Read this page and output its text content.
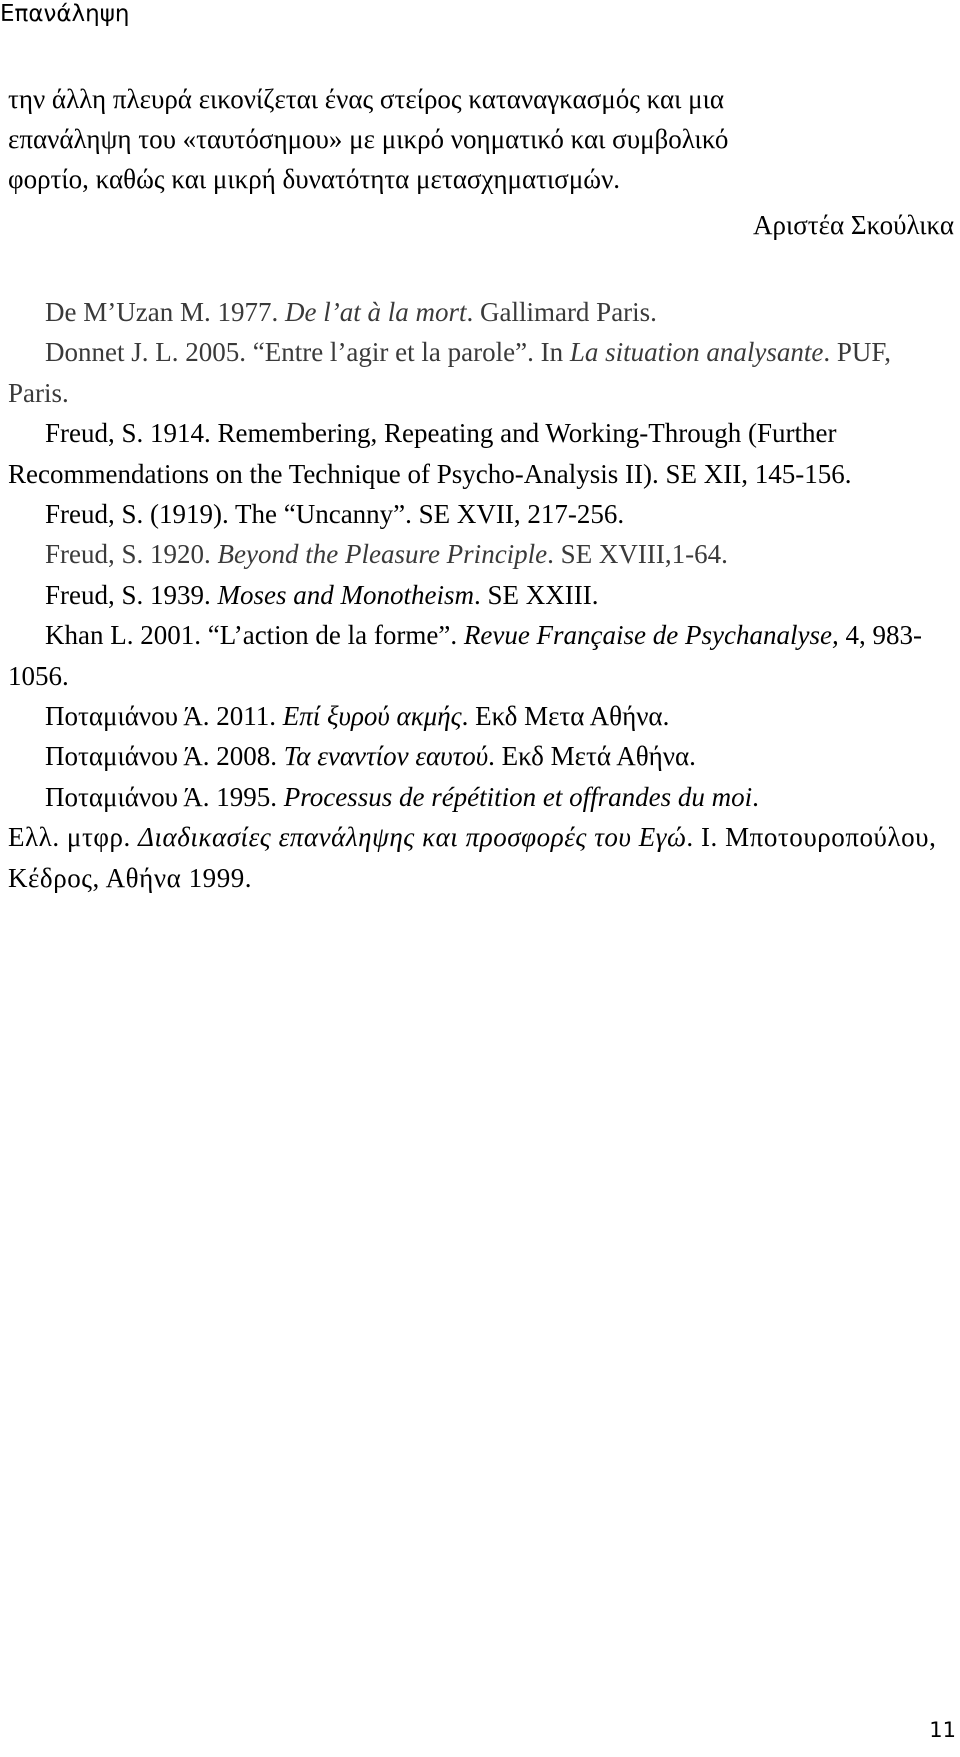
Επανάληψη

την άλλη πλευρά εικονίζεται ένας στείρος καταναγκασμός και μια
επανάληψη του «ταυτόσημου» με μικρό νοηματικό και συμβολικό
φορτίο, καθώς και μικρή δυνατότητα μετασχηματισμών.

Αριστέα Σκούλικα

De M’Uzan M. 1977. De l’at à la mort. Gallimard Paris.
Donnet J. L. 2005. “Entre l’agir et la parole”. In La situation analysante. PUF, Paris.
Freud, S. 1914. Remembering, Repeating and Working-Through (Further Recommendations on the Technique of Psycho-Analysis II). SE XII, 145-156.
Freud, S. (1919). The “Uncanny”. SE XVII, 217-256.
Freud, S. 1920. Beyond the Pleasure Principle. SE XVIII,1-64.
Freud, S. 1939. Moses and Monotheism. SE XXIII.
Khan L. 2001. “L’action de la forme”. Revue Française de Psychanalyse, 4, 983-1056.
Ποταμιάνου Ά. 2011. Επί ξυρού ακμής. Εκδ Μετα Αθήνα.
Ποταμιάνου Ά. 2008. Τα εναντίον εαυτού. Εκδ Μετά Αθήνα.
Ποταμιάνου Ά. 1995. Processus de répétition et offrandes du moi.
Ελλ. μτφρ. Διαδικασίες επανάληψης και προσφορές του Εγώ. Ι. Μποτουροπούλου, Κέδρος, Αθήνα 1999.

11
